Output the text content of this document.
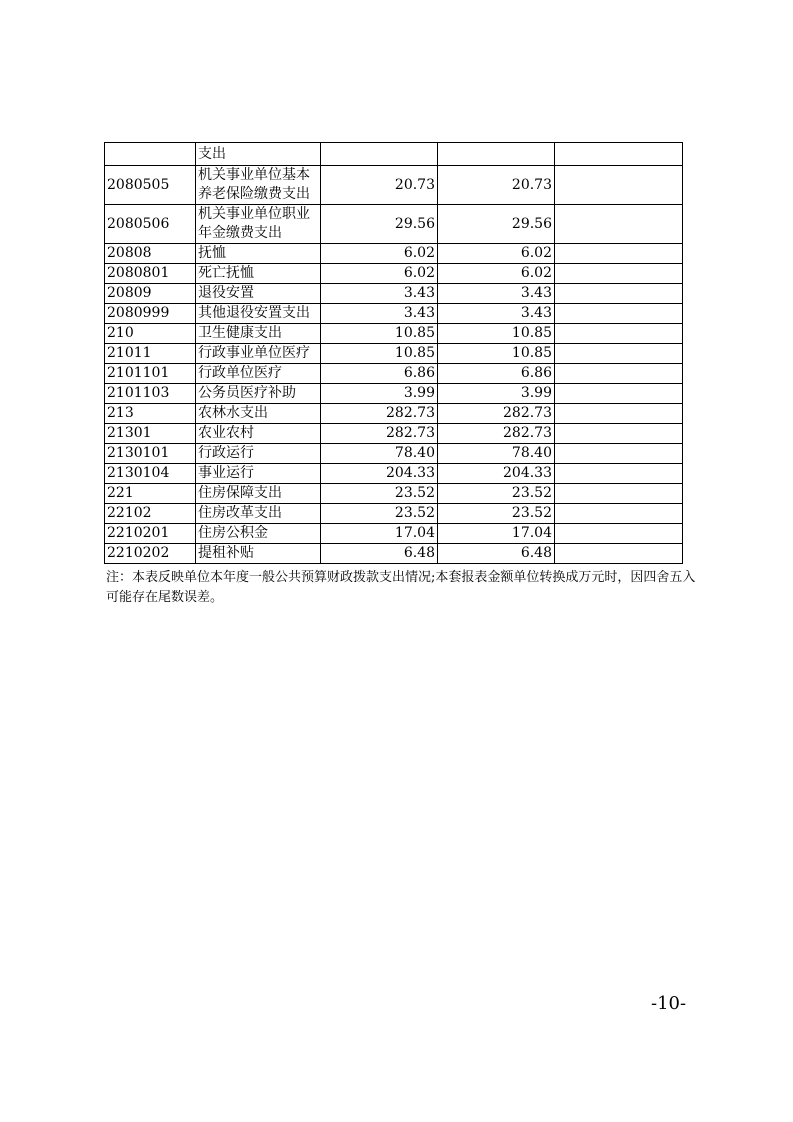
	支出			
2080505	机关事业单位基本养老保险缴费支出	20.73	20.73	
2080506	机关事业单位职业年金缴费支出	29.56	29.56	
20808	抚恤	6.02	6.02	
2080801	死亡抚恤	6.02	6.02	
20809	退役安置	3.43	3.43	
2080999	其他退役安置支出	3.43	3.43	
210	卫生健康支出	10.85	10.85	
21011	行政事业单位医疗	10.85	10.85	
2101101	行政单位医疗	6.86	6.86	
2101103	公务员医疗补助	3.99	3.99	
213	农林水支出	282.73	282.73	
21301	农业农村	282.73	282.73	
2130101	行政运行	78.40	78.40	
2130104	事业运行	204.33	204.33	
221	住房保障支出	23.52	23.52	
22102	住房改革支出	23.52	23.52	
2210201	住房公积金	17.04	17.04	
2210202	提租补贴	6.48	6.48	
注：本表反映单位本年度一般公共预算财政拨款支出情况;本套报表金额单位转换成万元时，因四舍五入可能存在尾数误差。
-10-
